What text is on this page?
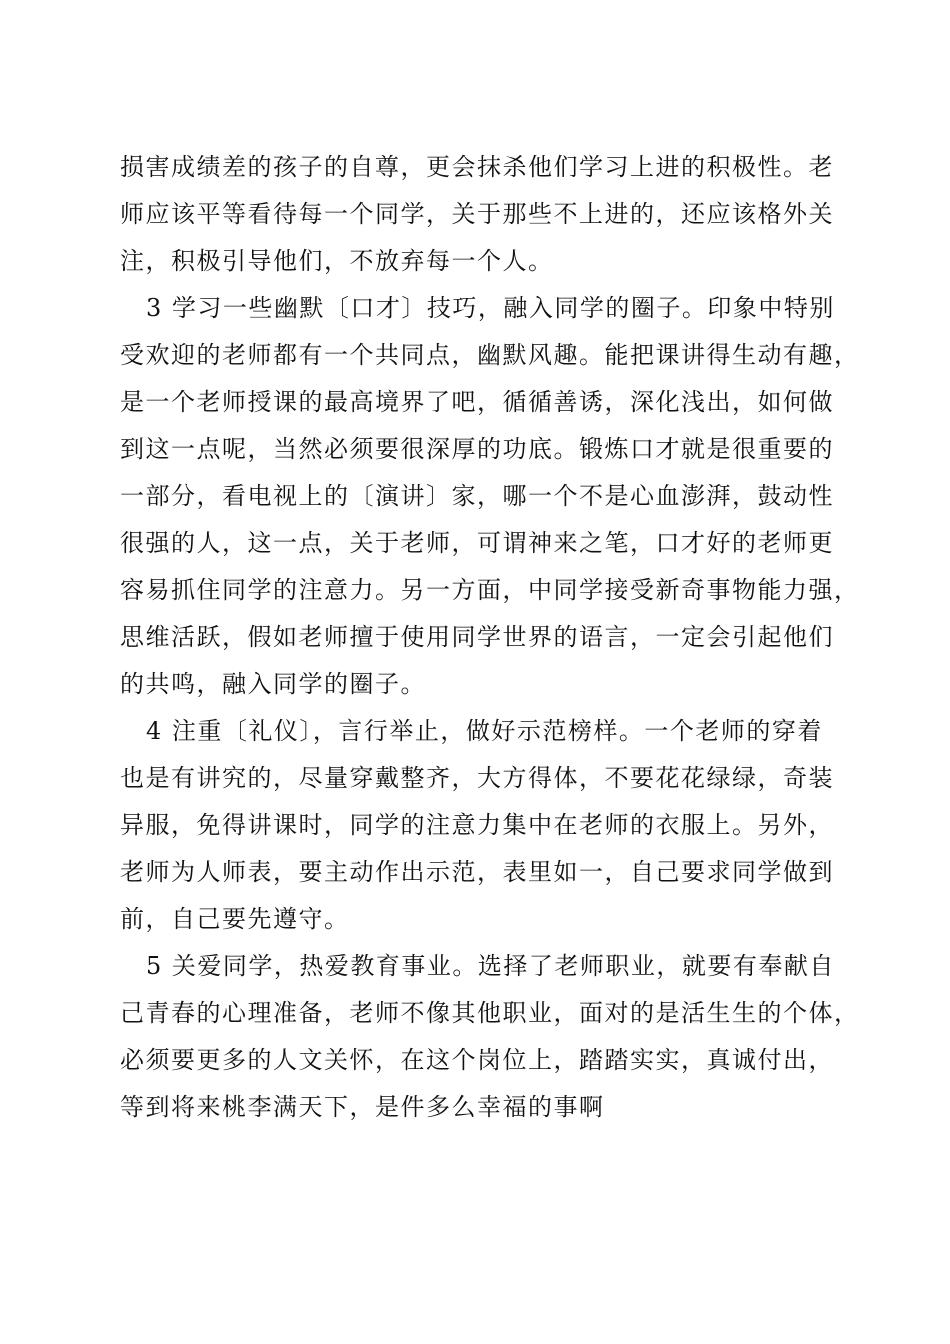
损害成绩差的孩子的自尊，更会抹杀他们学习上进的积极性。老
师应该平等看待每一个同学，关于那些不上进的，还应该格外关
注，积极引导他们，不放弃每一个人。
3 学习一些幽默〔口才〕技巧，融入同学的圈子。印象中特别
受欢迎的老师都有一个共同点，幽默风趣。能把课讲得生动有趣，
是一个老师授课的最高境界了吧，循循善诱，深化浅出，如何做
到这一点呢，当然必须要很深厚的功底。锻炼口才就是很重要的
一部分，看电视上的〔演讲〕家，哪一个不是心血澎湃，鼓动性
很强的人，这一点，关于老师，可谓神来之笔，口才好的老师更
容易抓住同学的注意力。另一方面，中同学接受新奇事物能力强，
思维活跃，假如老师擅于使用同学世界的语言，一定会引起他们
的共鸣，融入同学的圈子。
4 注重〔礼仪〕，言行举止，做好示范榜样。一个老师的穿着
也是有讲究的，尽量穿戴整齐，大方得体，不要花花绿绿，奇装
异服，免得讲课时，同学的注意力集中在老师的衣服上。另外，
老师为人师表，要主动作出示范，表里如一，自己要求同学做到
前，自己要先遵守。
5 关爱同学，热爱教育事业。选择了老师职业，就要有奉献自
己青春的心理准备，老师不像其他职业，面对的是活生生的个体，
必须要更多的人文关怀，在这个岗位上，踏踏实实，真诚付出，
等到将来桃李满天下，是件多么幸福的事啊
